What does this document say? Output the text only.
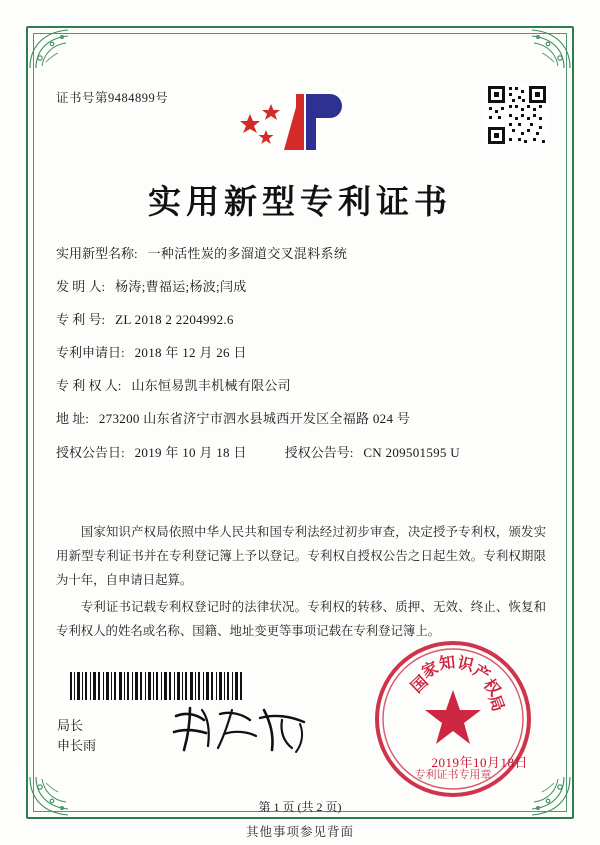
证书号第9484899号
实用新型专利证书
实用新型名称: 一种活性炭的多溜道交叉混料系统
发 明 人: 杨涛;曹福运;杨波;闫成
专 利 号: ZL 2018 2 2204992.6
专利申请日: 2018 年 12 月 26 日
专 利 权 人: 山东恒易凯丰机械有限公司
地 址: 273200 山东省济宁市泗水县城西开发区全福路 024 号
授权公告日: 2019 年 10 月 18 日	授权公告号: CN 209501595 U

国家知识产权局依照中华人民共和国专利法经过初步审查，决定授予专利权，颁发实用新型专利证书并在专利登记簿上予以登记。专利权自授权公告之日起生效。专利权期限为十年，自申请日起算。

专利证书记载专利权登记时的法律状况。专利权的转移、质押、无效、终止、恢复和专利权人的姓名或名称、国籍、地址变更等事项记载在专利登记簿上。

局长
申长雨
国
家
知 识
产
权
局
专利证书专用章
2019年10月18日
第 1 页 (共 2 页)
其他事项参见背面
